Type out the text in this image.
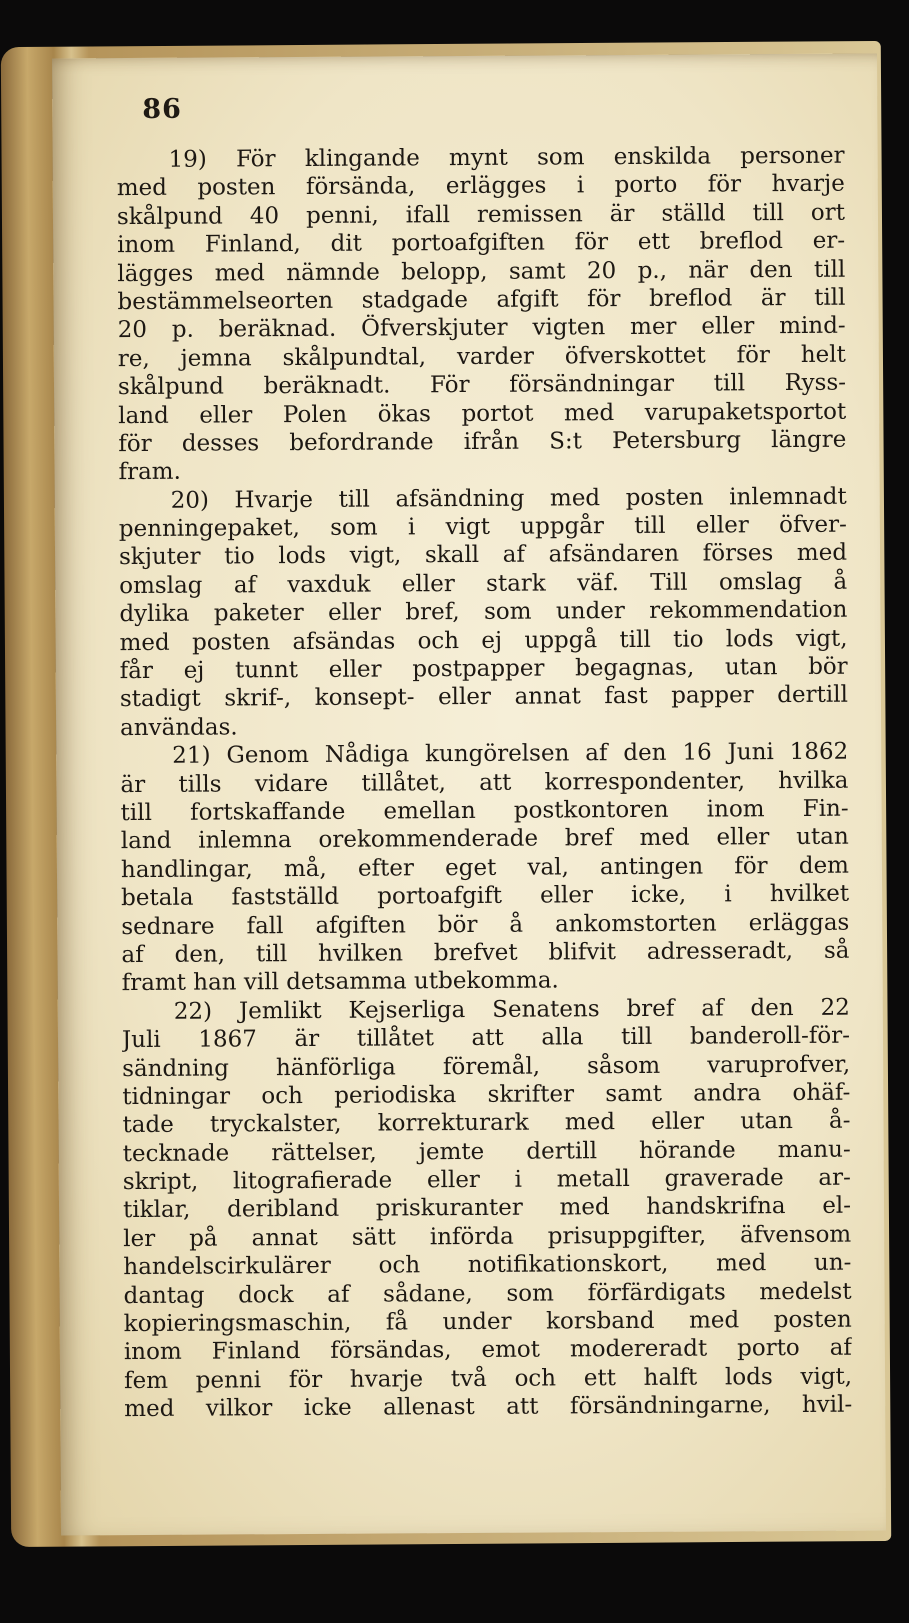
86
19) För klingande mynt som enskilda personer
med posten försända, erlägges i porto för hvarje
skålpund 40 penni, ifall remissen är ställd till ort
inom Finland, dit portoafgiften för ett breflod er-
lägges med nämnde belopp, samt 20 p., när den till
bestämmelseorten stadgade afgift för breflod är till
20 p. beräknad. Öfverskjuter vigten mer eller mind-
re, jemna skålpundtal, varder öfverskottet för helt
skålpund beräknadt. För försändningar till Ryss-
land eller Polen ökas portot med varupaketsportot
för desses befordrande ifrån S:t Petersburg längre
fram.
20) Hvarje till afsändning med posten inlemnadt
penningepaket, som i vigt uppgår till eller öfver-
skjuter tio lods vigt, skall af afsändaren förses med
omslag af vaxduk eller stark väf. Till omslag å
dylika paketer eller bref, som under rekommendation
med posten afsändas och ej uppgå till tio lods vigt,
får ej tunnt eller postpapper begagnas, utan bör
stadigt skrif-, konsept- eller annat fast papper dertill
användas.
21) Genom Nådiga kungörelsen af den 16 Juni 1862
är tills vidare tillåtet, att korrespondenter, hvilka
till fortskaffande emellan postkontoren inom Fin-
land inlemna orekommenderade bref med eller utan
handlingar, må, efter eget val, antingen för dem
betala fastställd portoafgift eller icke, i hvilket
sednare fall afgiften bör å ankomstorten erläggas
af den, till hvilken brefvet blifvit adresseradt, så
framt han vill detsamma utbekomma.
22) Jemlikt Kejserliga Senatens bref af den 22
Juli 1867 är tillåtet att alla till banderoll-för-
sändning hänförliga föremål, såsom varuprofver,
tidningar och periodiska skrifter samt andra ohäf-
tade tryckalster, korrekturark med eller utan å-
tecknade rättelser, jemte dertill hörande manu-
skript, litografierade eller i metall graverade ar-
tiklar, deribland priskuranter med handskrifna el-
ler på annat sätt införda prisuppgifter, äfvensom
handelscirkulärer och notifikationskort, med un-
dantag dock af sådane, som förfärdigats medelst
kopieringsmaschin, få under korsband med posten
inom Finland försändas, emot modereradt porto af
fem penni för hvarje två och ett halft lods vigt,
med vilkor icke allenast att försändningarne, hvil-
